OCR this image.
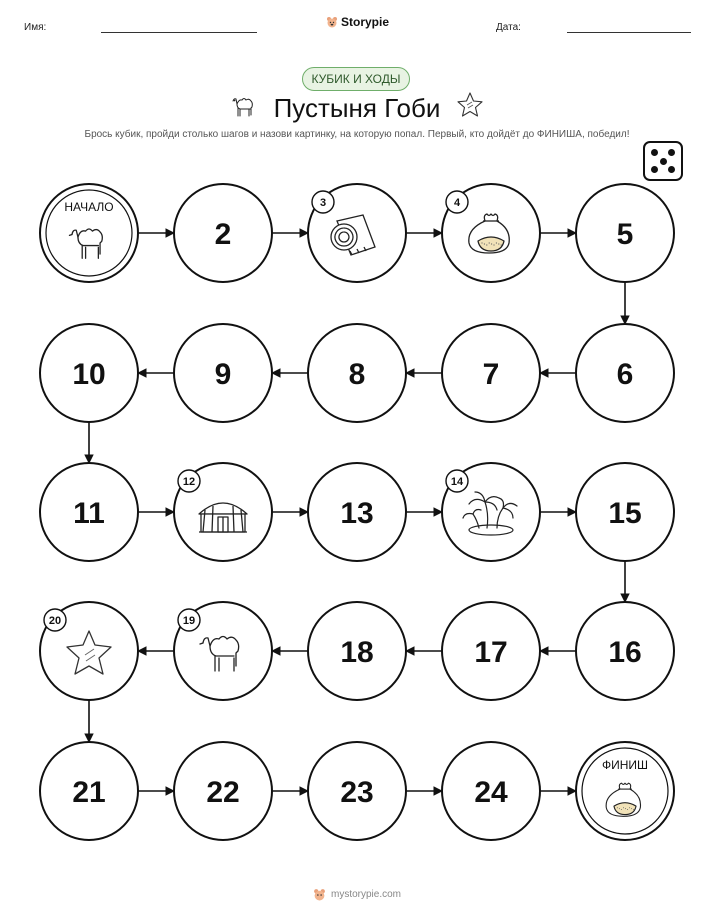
Имя:	Storypie	Дата:
КУБИК И ХОДЫ
Пустыня Гоби
Брось кубик, пройди столько шагов и назови картинку, на которую попал. Первый, кто дойдёт до ФИНИША, победил!
НАЧАЛО
2
3	4
5
6
7
8
9
10
11
12
13
14
15
16
17
18
19
20
21	22	23	24
ФИНИШ
mystorypie.com
